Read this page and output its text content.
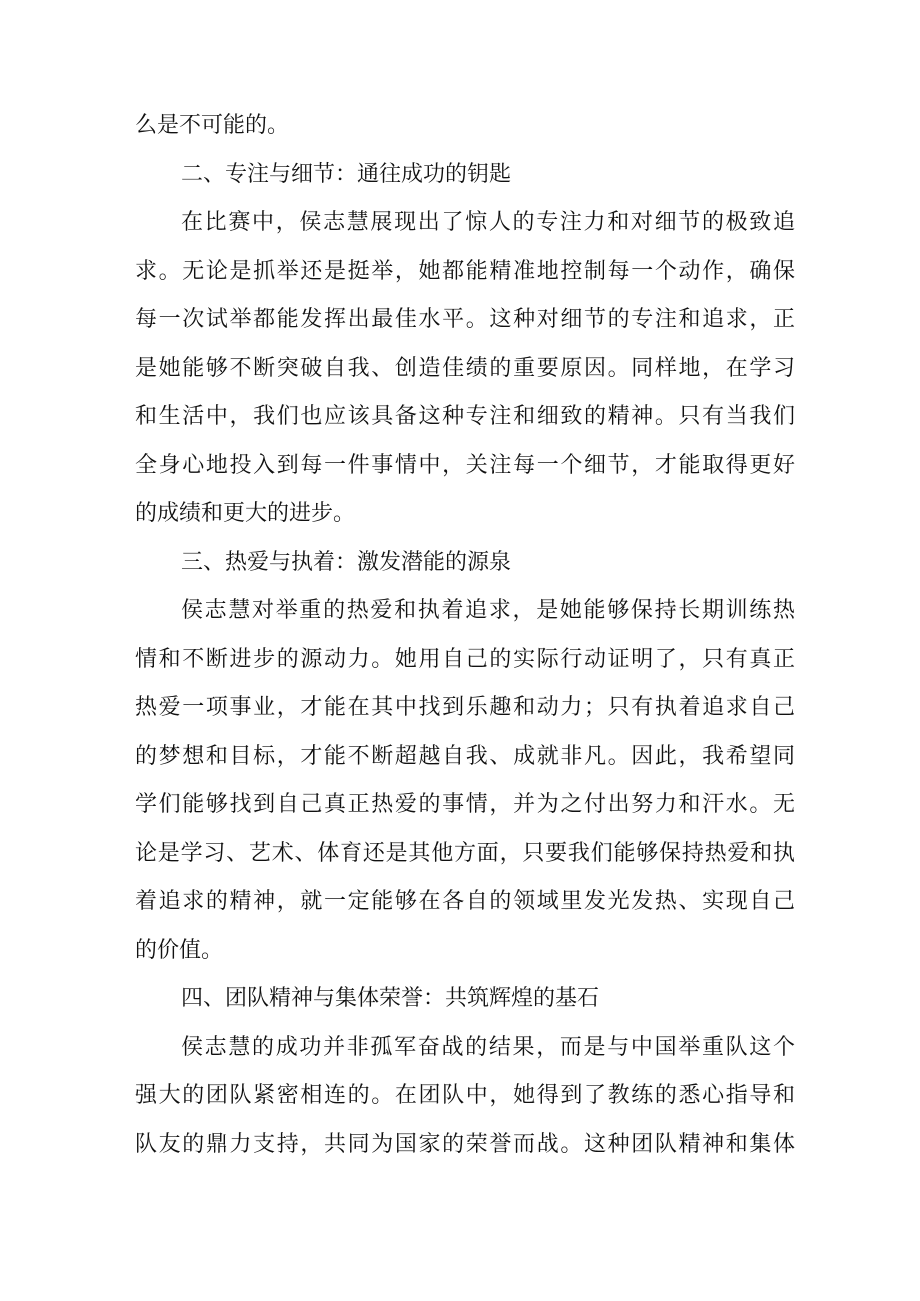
么是不可能的。
二、专注与细节：通往成功的钥匙
在比赛中，侯志慧展现出了惊人的专注力和对细节的极致追
求。无论是抓举还是挺举，她都能精准地控制每一个动作，确保
每一次试举都能发挥出最佳水平。这种对细节的专注和追求，正
是她能够不断突破自我、创造佳绩的重要原因。同样地，在学习
和生活中，我们也应该具备这种专注和细致的精神。只有当我们
全身心地投入到每一件事情中，关注每一个细节，才能取得更好
的成绩和更大的进步。
三、热爱与执着：激发潜能的源泉
侯志慧对举重的热爱和执着追求，是她能够保持长期训练热
情和不断进步的源动力。她用自己的实际行动证明了，只有真正
热爱一项事业，才能在其中找到乐趣和动力；只有执着追求自己
的梦想和目标，才能不断超越自我、成就非凡。因此，我希望同
学们能够找到自己真正热爱的事情，并为之付出努力和汗水。无
论是学习、艺术、体育还是其他方面，只要我们能够保持热爱和执
着追求的精神，就一定能够在各自的领域里发光发热、实现自己
的价值。
四、团队精神与集体荣誉：共筑辉煌的基石
侯志慧的成功并非孤军奋战的结果，而是与中国举重队这个
强大的团队紧密相连的。在团队中，她得到了教练的悉心指导和
队友的鼎力支持，共同为国家的荣誉而战。这种团队精神和集体
